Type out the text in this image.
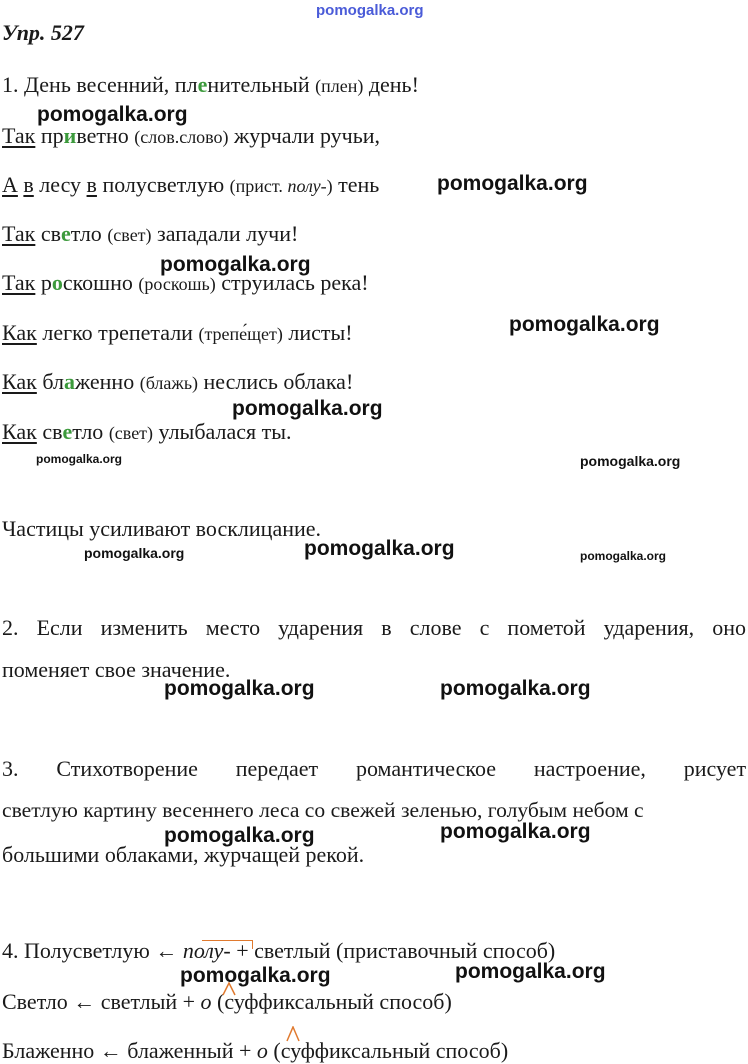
pomogalka.org
Упр. 527
1. День весенний, пленительный (плен) день!
Так приветно (слов.слово) журчали ручьи,
А в лесу в полусветлую (прист. полу-) тень
Так светло (свет) западали лучи!
Так роскошно (роскошь) струилась река!
Как легко трепетали (трепе́щет) листы!
Как блаженно (блажь) неслись облака!
Как светло (свет) улыбалася ты.
Частицы усиливают восклицание.
2. Если изменить место ударения в слове с пометой ударения, оно
поменяет свое значение.
3. Стихотворение передает романтическое настроение, рисует
светлую картину весеннего леса со свежей зеленью, голубым небом с
большими облаками, журчащей рекой.
4. Полусветлую ← полу- + светлый (приставочный способ)
Светло ← светлый + о (суффиксальный способ)
Блаженно ← блаженный + о (суффиксальный способ)
pomogalka.org
pomogalka.org
pomogalka.org
pomogalka.org
pomogalka.org
pomogalka.org	pomogalka.org
pomogalka.org	pomogalka.org	pomogalka.org
pomogalka.org	pomogalka.org
pomogalka.org	pomogalka.org
pomogalka.org	pomogalka.org
